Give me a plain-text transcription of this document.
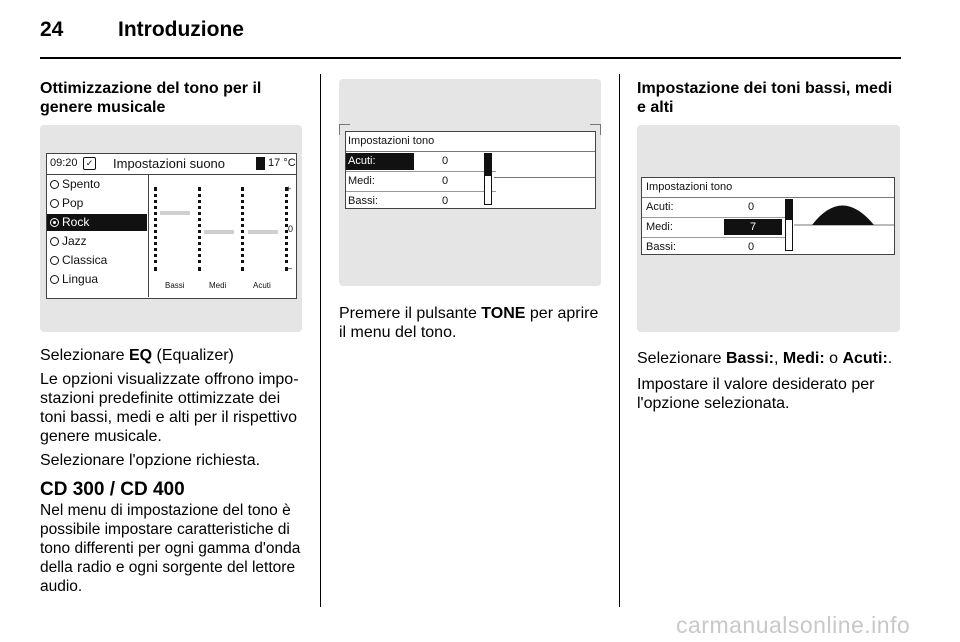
24	Introduzione

Ottimizzazione del tono per il genere musicale

09:20 ✓ Impostazioni suono	17 °C
Spento
Pop
Rock
Jazz
Classica
Lingua
+
0
–
Bassi	Medi	Acuti

Selezionare EQ (Equalizer)

Le opzioni visualizzate offrono impo-stazioni predefinite ottimizzate dei toni bassi, medi e alti per il rispettivo genere musicale.

Selezionare l'opzione richiesta.

CD 300 / CD 400

Nel menu di impostazione del tono è possibile impostare caratteristiche di tono differenti per ogni gamma d'onda della radio e ogni sorgente del lettore audio.

Impostazioni tono
Acuti:	0
Medi:	0
Bassi:	0

Premere il pulsante TONE per aprire il menu del tono.

Impostazione dei toni bassi, medi e alti

Impostazioni tono
Acuti:	0
Medi:	7
Bassi:	0

Selezionare Bassi:, Medi: o Acuti:.

Impostare il valore desiderato per l'opzione selezionata.

carmanualsonline.info
